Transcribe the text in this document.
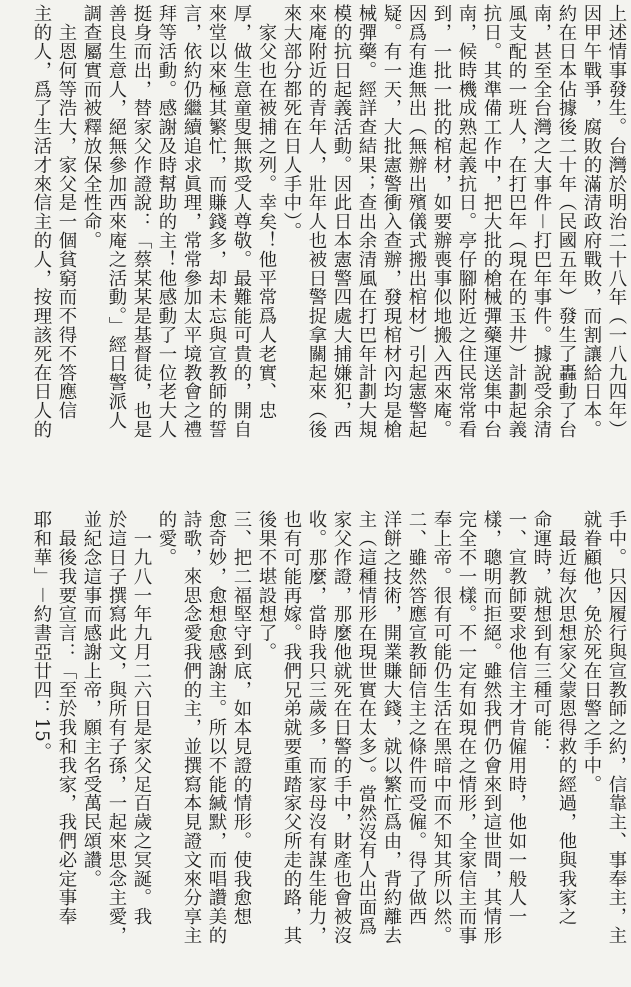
上述情事發生。台灣於明治二十八年（一八九四年）

因甲午戰爭，腐敗的滿清政府戰敗，而割讓給日本。

約在日本佔據後二十年（民國五年）發生了轟動了台

南，甚至全台灣之大事件－打巴年事件。據說受余清

風支配的一班人，在打巴年（現在的玉井）計劃起義

抗日。其準備工作中，把大批的槍械彈藥運送集中台

南，候時機成熟起義抗日。亭仔腳附近之住民常常看

到，一批一批的棺材，如要辦喪事似地搬入西來庵。

因爲有進無出（無辦出殯儀式搬出棺材）引起憲警起

疑。有一天，大批憲警衝入查辦，發現棺材內均是槍

械彈藥。經詳查結果；查出余清風在打巴年計劃大規

模的抗日起義活動。因此日本憲警四處大捕嫌犯，西

來庵附近的青年人，壯年人也被日警捉拿關起來（後

來大部分都死在日人手中）。

　家父也在被捕之列。幸矣！他平常爲人老實、忠

厚，做生意童叟無欺受人尊敬。最難能可貴的，開自

來堂以來極其繁忙，而賺錢多，却未忘與宣教師的誓

言，依約仍繼續追求眞理，常常參加太平境教會之禮

拜等活動。感謝及時幫助的主！他感動了一位老大人

挺身而出，替家父作證說：「蔡某某是基督徒，也是

善良生意人，絕無參加西來庵之活動。」經日警派人

調查屬實而被釋放保全性命。

　主恩何等浩大，家父是一個貧窮而不得不答應信

主的人，爲了生活才來信主的人，按理該死在日人的

手中。只因履行與宣教師之約，信靠主、事奉主，主

就眷顧他，免於死在日警之手中。

　最近每次思想家父蒙恩得救的經過，他與我家之

命運時，就想到有三種可能：

一、宣教師要求他信主才肯僱用時，他如一般人一

樣，聰明而拒絕。雖然我們仍會來到這世間，其情形

完全不一樣。不一定有如現在之情形，全家信主而事

奉上帝。很有可能仍生活在黑暗中而不知其所以然。

二、雖然答應宣教師信主之條件而受僱。得了做西

洋餅之技術，開業賺大錢，就以繁忙爲由，背約離去

主（這種情形在現世實在太多）。當然沒有人出面爲

家父作證，那麼他就死在日警的手中，財產也會被沒

收。那麼，當時我只三歲多，而家母沒有謀生能力，

也有可能再嫁。我們兄弟就要重踏家父所走的路，其

後果不堪設想了。

三、把二福堅守到底，如本見證的情形。使我愈想

愈奇妙，愈想愈感謝主。所以不能緘默，而唱讚美的

詩歌，來思念愛我們的主，並撰寫本見證文來分享主

的愛。

　一九八一年九月二六日是家父足百歲之冥誕。我

於這日子撰寫此文，與所有子孫，一起來思念主愛，

並紀念這事而感謝上帝，願主名受萬民頌讚。

　最後我要宣言：「至於我和我家，我們必定事奉

耶和華」－約書亞廿四：15。
